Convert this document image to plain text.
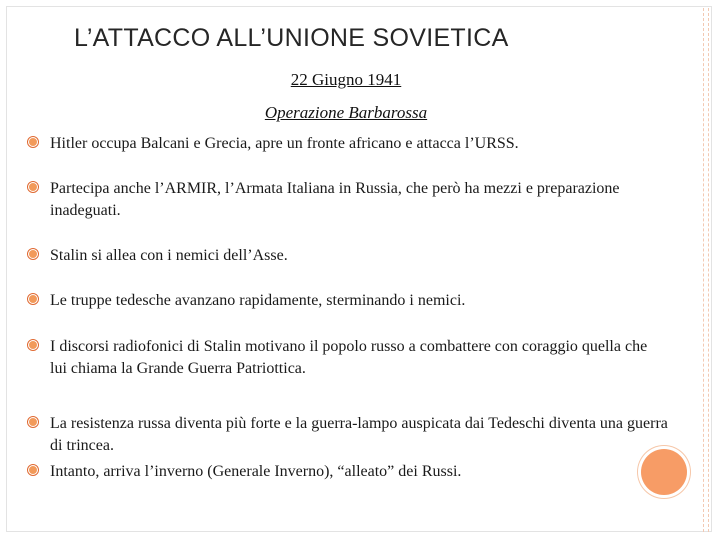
L’ATTACCO ALL’UNIONE SOVIETICA
22 Giugno 1941
Operazione Barbarossa
Hitler occupa Balcani e Grecia, apre un fronte africano e attacca l’URSS.
Partecipa anche l’ARMIR, l’Armata Italiana in Russia, che però ha mezzi e preparazione inadeguati.
Stalin si allea con i nemici dell’Asse.
Le truppe tedesche avanzano rapidamente, sterminando i nemici.
I discorsi radiofonici di Stalin motivano il popolo russo a combattere con coraggio quella che lui chiama la Grande Guerra Patriottica.
La resistenza russa diventa più forte e la guerra-lampo auspicata dai Tedeschi diventa una guerra di trincea.
Intanto, arriva l’inverno (Generale Inverno), “alleato” dei Russi.
